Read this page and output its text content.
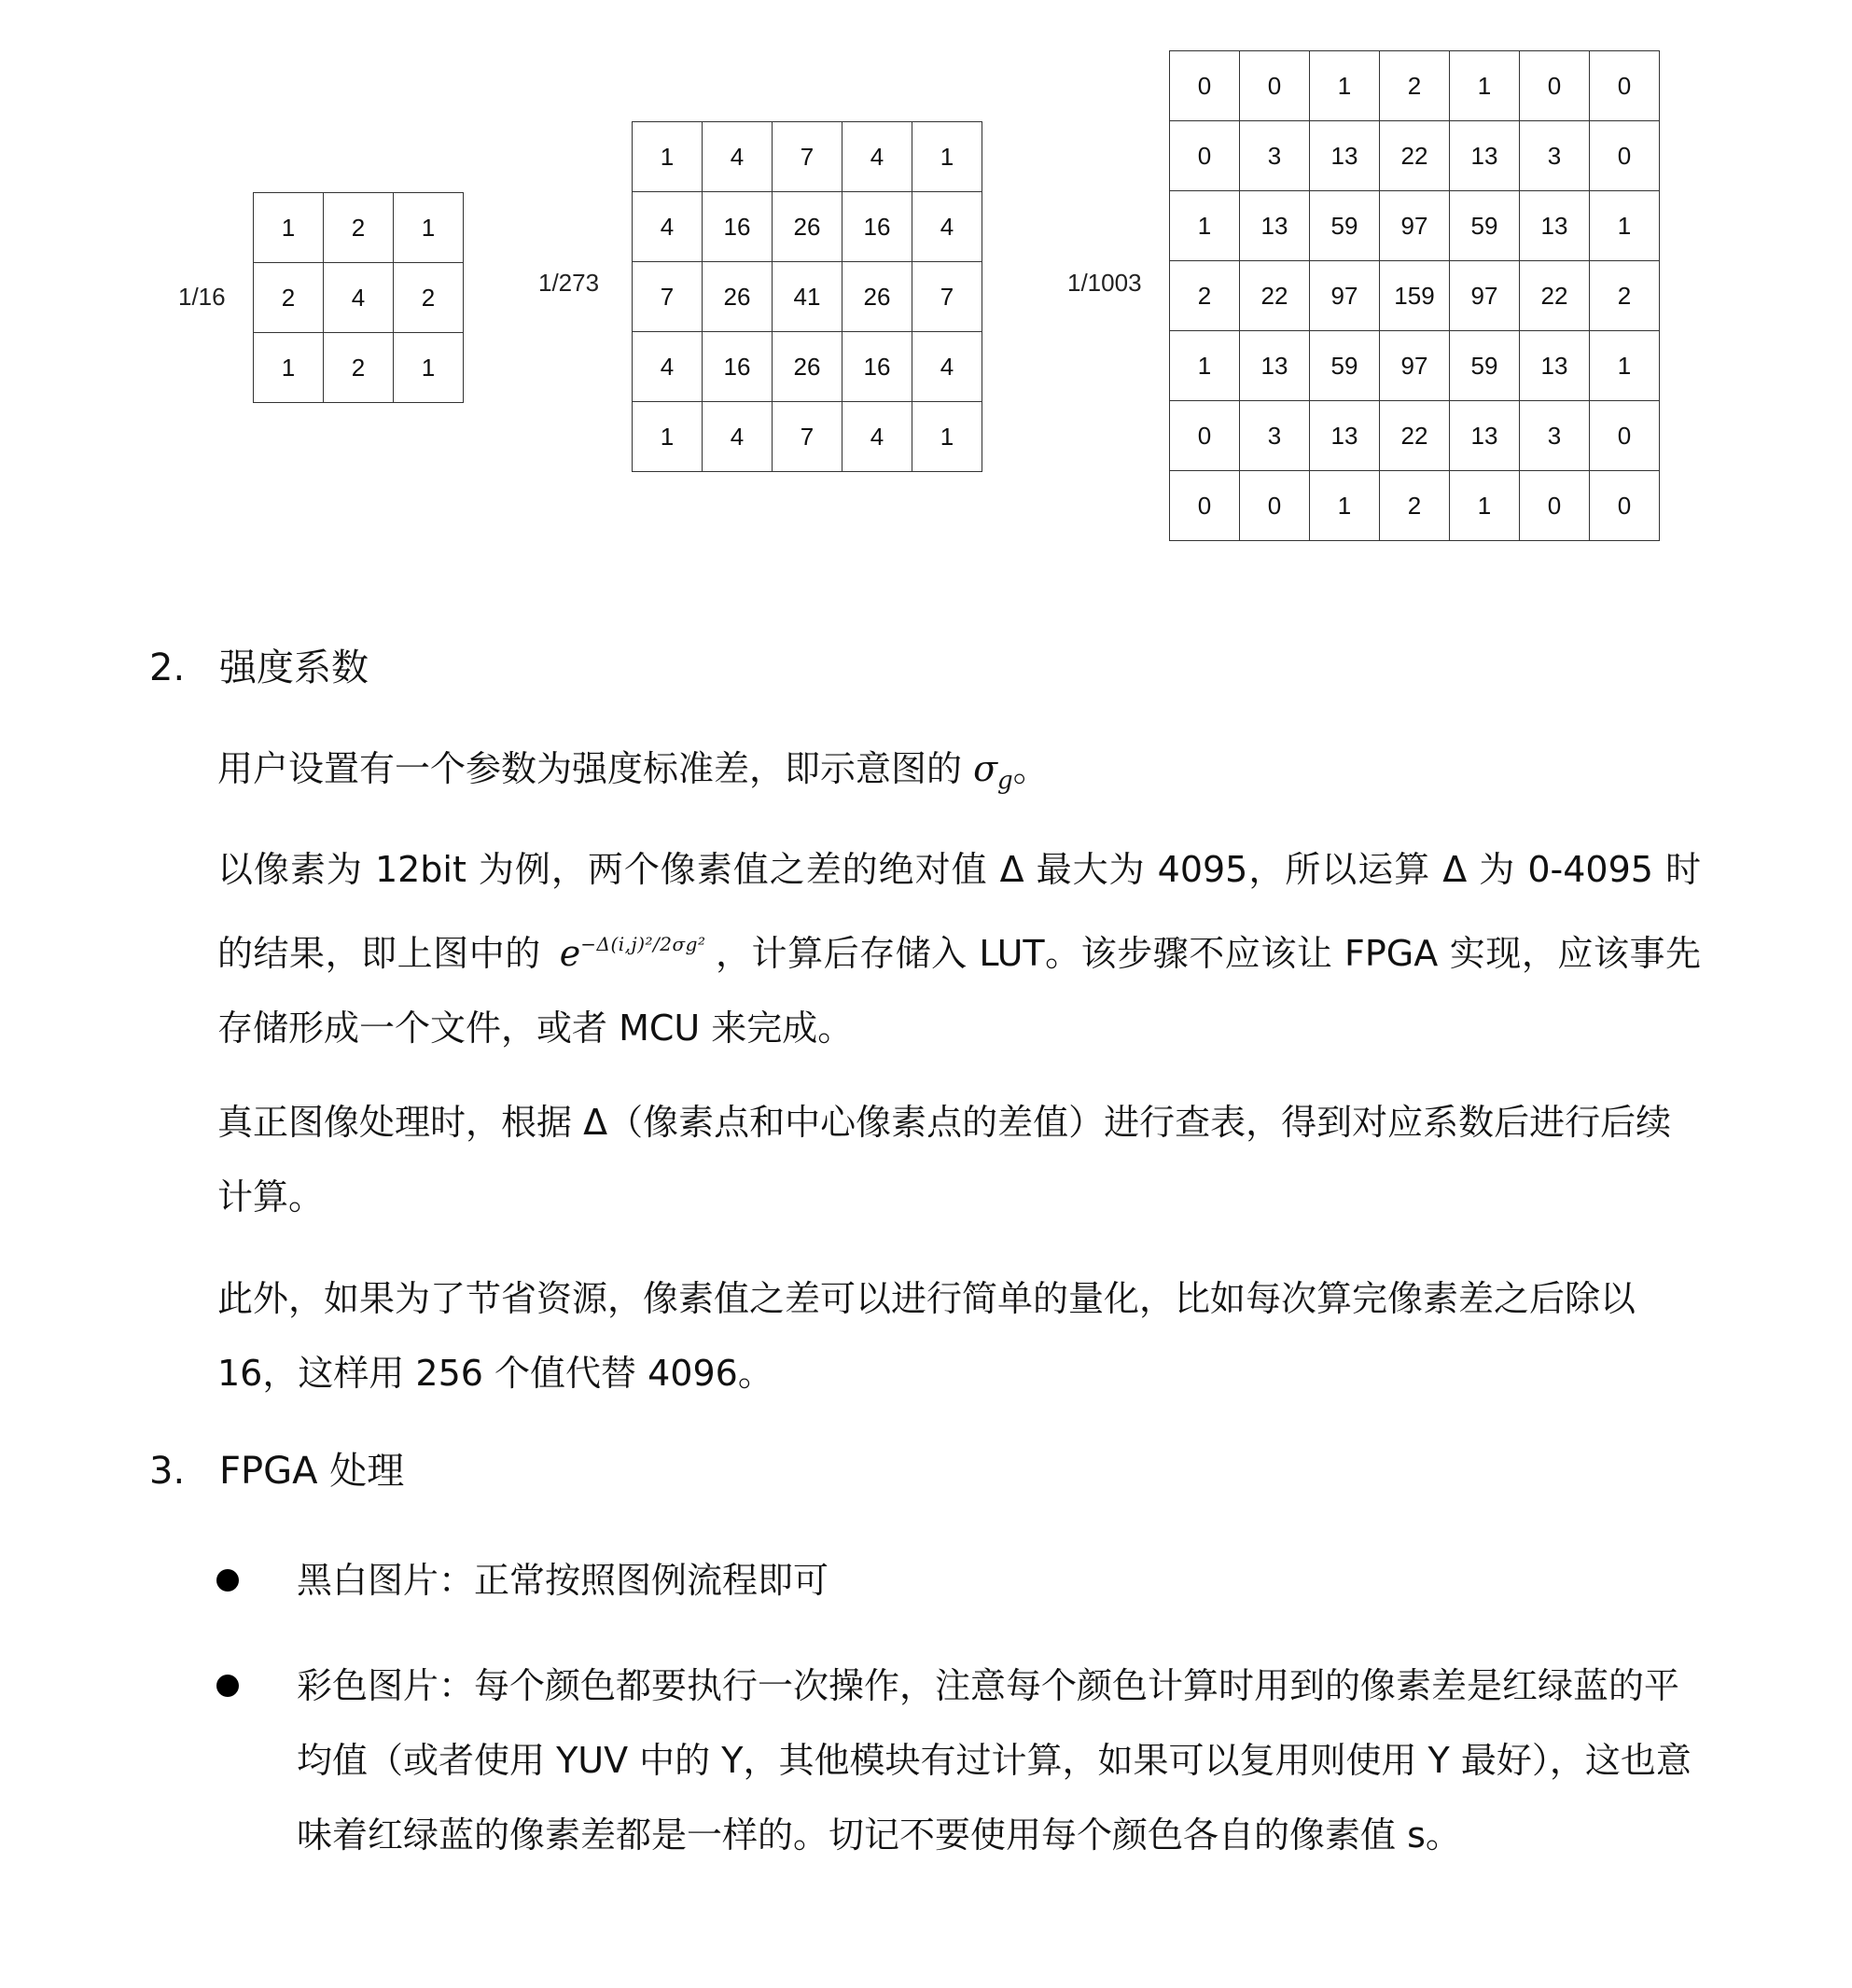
1/16	1/273	1/1003
1	2	1
2	4	2
1	2	1
1	4	7	4	1
4	16	26	16	4
7	26	41	26	7
4	16	26	16	4
1	4	7	4	1
0	0	1	2	1	0	0
0	3	13	22	13	3	0
1	13	59	97	59	13	1
2	22	97	159	97	22	2
1	13	59	97	59	13	1
0	3	13	22	13	3	0
0	0	1	2	1	0	0
2. 强度系数
用户设置有一个参数为强度标准差，即示意图的 $\sigma_g$。
以像素为 12bit 为例，两个像素值之差的绝对值 Δ 最大为 4095，所以运算 Δ 为 0-4095 时的结果，即上图中的 $e^{-\Delta(i,j)^2/2\sigma g^2}$ ，计算后存储入 LUT。该步骤不应该让 FPGA 实现，应该事先存储形成一个文件，或者 MCU 来完成。
真正图像处理时，根据 Δ（像素点和中心像素点的差值）进行查表，得到对应系数后进行后续计算。
此外，如果为了节省资源，像素值之差可以进行简单的量化，比如每次算完像素差之后除以 16，这样用 256 个值代替 4096。
3. FPGA 处理
黑白图片：正常按照图例流程即可
彩色图片：每个颜色都要执行一次操作，注意每个颜色计算时用到的像素差是红绿蓝的平均值（或者使用 YUV 中的 Y，其他模块有过计算，如果可以复用则使用 Y 最好），这也意味着红绿蓝的像素差都是一样的。切记不要使用每个颜色各自的像素值 s。
